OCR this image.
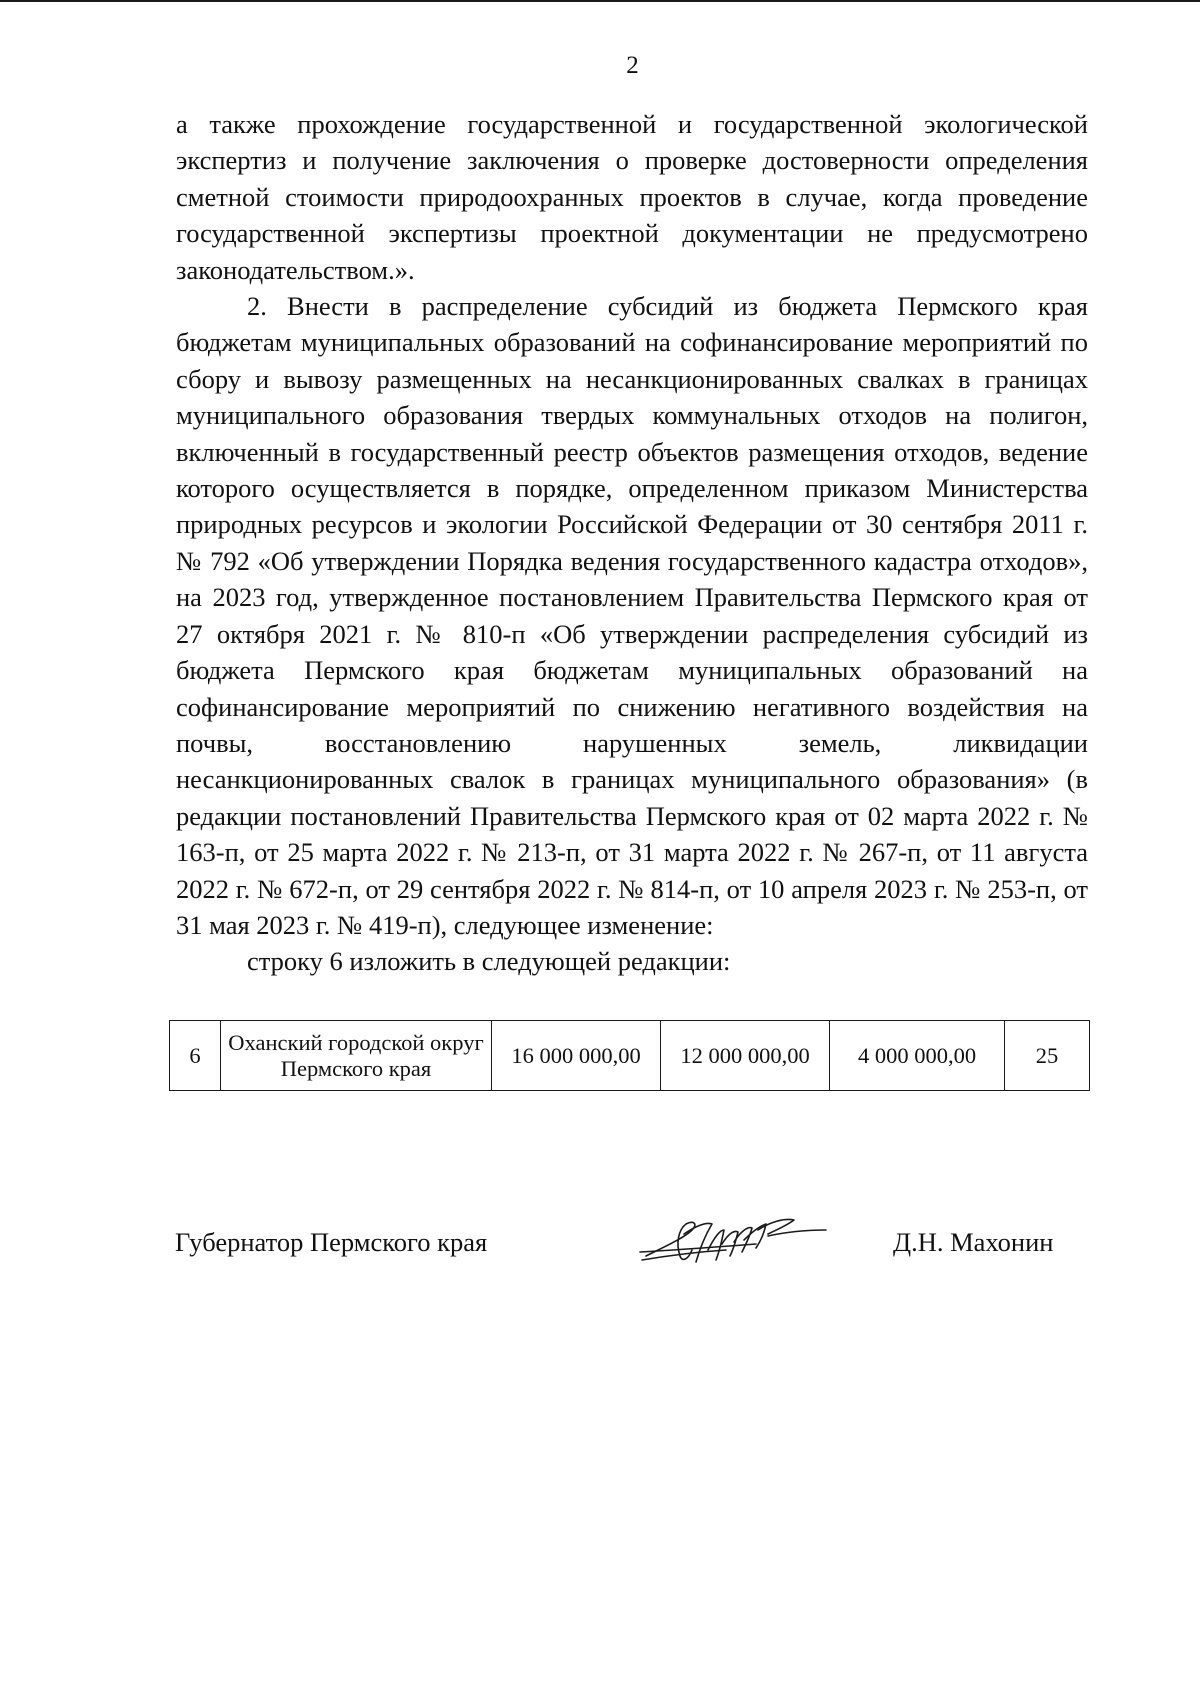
2

а также прохождение государственной и государственной экологической экспертиз и получение заключения о проверке достоверности определения сметной стоимости природоохранных проектов в случае, когда проведение государственной экспертизы проектной документации не предусмотрено законодательством.».

2. Внести в распределение субсидий из бюджета Пермского края бюджетам муниципальных образований на софинансирование мероприятий по сбору и вывозу размещенных на несанкционированных свалках в границах муниципального образования твердых коммунальных отходов на полигон, включенный в государственный реестр объектов размещения отходов, ведение которого осуществляется в порядке, определенном приказом Министерства природных ресурсов и экологии Российской Федерации от 30 сентября 2011 г. № 792 «Об утверждении Порядка ведения государственного кадастра отходов», на 2023 год, утвержденное постановлением Правительства Пермского края от 27 октября 2021 г. № 810-п «Об утверждении распределения субсидий из бюджета Пермского края бюджетам муниципальных образований на софинансирование мероприятий по снижению негативного воздействия на почвы, восстановлению нарушенных земель, ликвидации несанкционированных свалок в границах муниципального образования» (в редакции постановлений Правительства Пермского края от 02 марта 2022 г. № 163-п, от 25 марта 2022 г. № 213-п, от 31 марта 2022 г. № 267-п, от 11 августа 2022 г. № 672-п, от 29 сентября 2022 г. № 814-п, от 10 апреля 2023 г. № 253-п, от 31 мая 2023 г. № 419-п), следующее изменение:

строку 6 изложить в следующей редакции:

6	Оханский городской округ Пермского края	16 000 000,00	12 000 000,00	4 000 000,00	25
Губернатор Пермского края	Д.Н. Махонин
